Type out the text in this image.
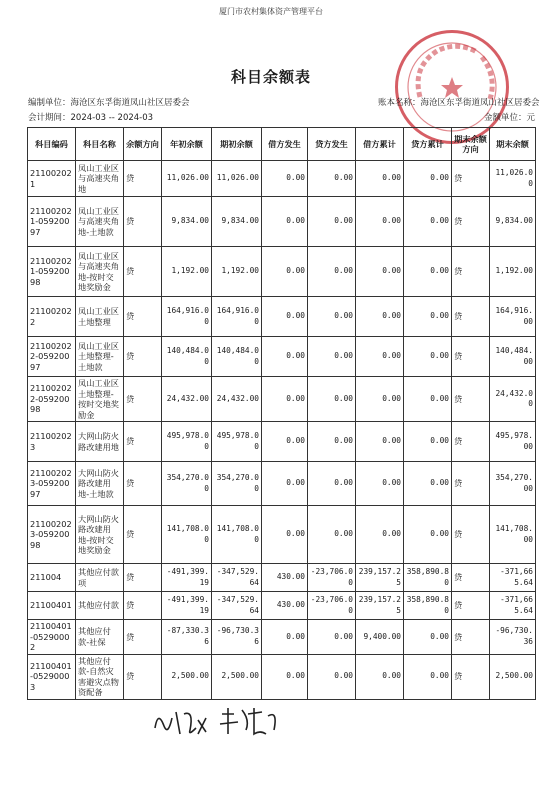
厦门市农村集体资产管理平台
科目余额表
编制单位：海沧区东孚街道凤山社区居委会	账本名称：海沧区东孚街道凤山社区居委会
会计期间：2024-03 -- 2024-03	金额单位：元
科目编码	科目名称	余额方向	年初余额	期初余额	借方发生	贷方发生	借方累计	贷方累计	期末余额方向	期末余额
211002021	凤山工业区与高速夹角地	贷	11,026.00	11,026.00	0.00	0.00	0.00	0.00	贷	11,026.00
211002021-05920097	凤山工业区与高速夹角地-土地款	贷	9,834.00	9,834.00	0.00	0.00	0.00	0.00	贷	9,834.00
211002021-05920098	凤山工业区与高速夹角地-按时交地奖励金	贷	1,192.00	1,192.00	0.00	0.00	0.00	0.00	贷	1,192.00
211002022	凤山工业区土地整理	贷	164,916.00	164,916.00	0.00	0.00	0.00	0.00	贷	164,916.00
211002022-05920097	凤山工业区土地整理-土地款	贷	140,484.00	140,484.00	0.00	0.00	0.00	0.00	贷	140,484.00
211002022-05920098	凤山工业区土地整理-按时交地奖励金	贷	24,432.00	24,432.00	0.00	0.00	0.00	0.00	贷	24,432.00
211002023	大网山防火路改建用地	贷	495,978.00	495,978.00	0.00	0.00	0.00	0.00	贷	495,978.00
211002023-05920097	大网山防火路改建用地-土地款	贷	354,270.00	354,270.00	0.00	0.00	0.00	0.00	贷	354,270.00
211002023-05920098	大网山防火路改建用地-按时交地奖励金	贷	141,708.00	141,708.00	0.00	0.00	0.00	0.00	贷	141,708.00
211004	其他应付款项	贷	-491,399.19	-347,529.64	430.00	-23,706.00	239,157.25	358,890.80	贷	-371,665.64
21100401	其他应付款	贷	-491,399.19	-347,529.64	430.00	-23,706.00	239,157.25	358,890.80	贷	-371,665.64
21100401-05290002	其他应付款-社保	贷	-87,330.36	-96,730.36	0.00	0.00	9,400.00	0.00	贷	-96,730.36
21100401-05290003	其他应付款-自然灾害避灾点物资配备	贷	2,500.00	2,500.00	0.00	0.00	0.00	0.00	贷	2,500.00
